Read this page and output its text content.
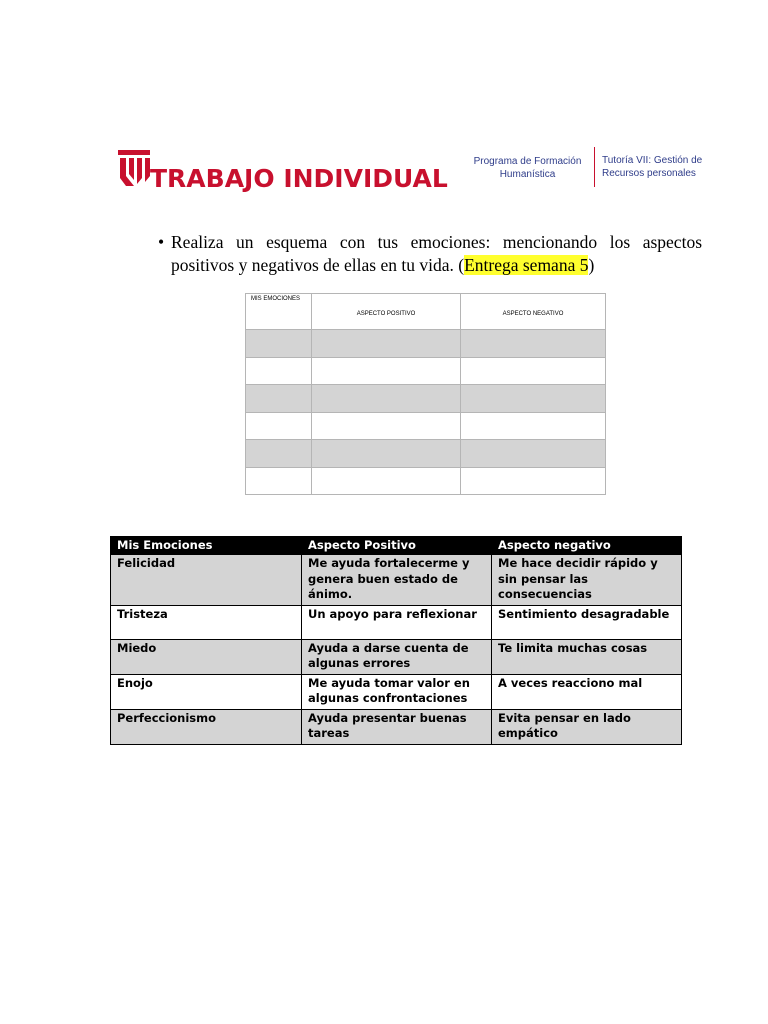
TRABAJO INDIVIDUAL
Programa de Formación
Humanística
Tutoría VII: Gestión de
Recursos personales
• Realiza un esquema con tus emociones: mencionando los aspectos positivos y negativos de ellas en tu vida. (Entrega semana 5)
MIS EMOCIONES	ASPECTO POSITIVO	ASPECTO NEGATIVO

Mis Emociones	Aspecto Positivo	Aspecto negativo
Felicidad	Me ayuda fortalecerme y genera buen estado de ánimo.	Me hace decidir rápido y sin pensar las consecuencias
Tristeza	Un apoyo para reflexionar	Sentimiento desagradable
Miedo	Ayuda a darse cuenta de algunas errores	Te limita muchas cosas
Enojo	Me ayuda tomar valor en algunas confrontaciones	A veces reacciono mal
Perfeccionismo	Ayuda presentar buenas tareas	Evita pensar en lado empático
